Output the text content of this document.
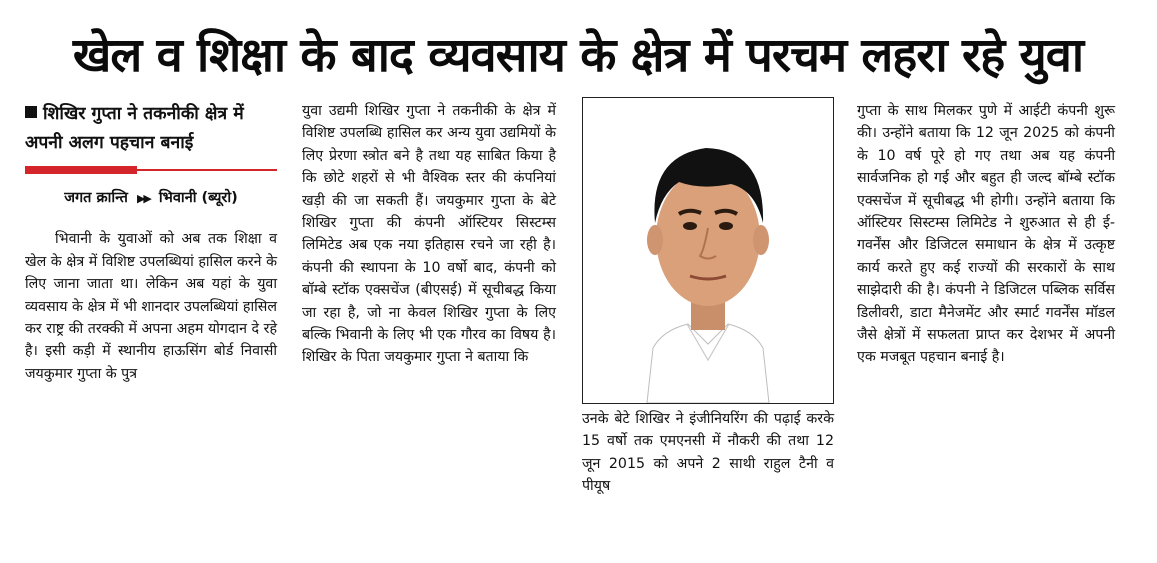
खेल व शिक्षा के बाद व्यवसाय के क्षेत्र में परचम लहरा रहे युवा

शिखिर गुप्ता ने तकनीकी क्षेत्र में अपनी अलग पहचान बनाई

जगत क्रान्ति ▶▶ भिवानी (ब्यूरो)

भिवानी के युवाओं को अब तक शिक्षा व खेल के क्षेत्र में विशिष्ट उपलब्धियां हासिल करने के लिए जाना जाता था। लेकिन अब यहां के युवा व्यवसाय के क्षेत्र में भी शानदार उपलब्धियां हासिल कर राष्ट्र की तरक्की में अपना अहम योगदान दे रहे है। इसी कड़ी में स्थानीय हाऊसिंग बोर्ड निवासी जयकुमार गुप्ता के पुत्र

युवा उद्यमी शिखिर गुप्ता ने तकनीकी के क्षेत्र में विशिष्ट उपलब्धि हासिल कर अन्य युवा उद्यमियों के लिए प्रेरणा स्त्रोत बने है तथा यह साबित किया है कि छोटे शहरों से भी वैश्विक स्तर की कंपनियां खड़ी की जा सकती हैं। जयकुमार गुप्ता के बेटे शिखिर गुप्ता की कंपनी ऑस्टियर सिस्टम्स लिमिटेड अब एक नया इतिहास रचने जा रही है। कंपनी की स्थापना के 10 वर्षो बाद, कंपनी को बॉम्बे स्टॉक एक्सचेंज (बीएसई) में सूचीबद्ध किया जा रहा है, जो ना केवल शिखिर गुप्ता के लिए बल्कि भिवानी के लिए भी एक गौरव का विषय है। शिखिर के पिता जयकुमार गुप्ता ने बताया कि

उनके बेटे शिखिर ने इंजीनियरिंग की पढ़ाई करके 15 वर्षो तक एमएनसी में नौकरी की तथा 12 जून 2015 को अपने 2 साथी राहुल टैनी व पीयूष

गुप्ता के साथ मिलकर पुणे में आईटी कंपनी शुरू की। उन्होंने बताया कि 12 जून 2025 को कंपनी के 10 वर्ष पूरे हो गए तथा अब यह कंपनी सार्वजनिक हो गई और बहुत ही जल्द बॉम्बे स्टॉक एक्सचेंज में सूचीबद्ध भी होगी। उन्होंने बताया कि ऑस्टियर सिस्टम्स लिमिटेड ने शुरुआत से ही ई-गवर्नेंस और डिजिटल समाधान के क्षेत्र में उत्कृष्ट कार्य करते हुए कई राज्यों की सरकारों के साथ साझेदारी की है। कंपनी ने डिजिटल पब्लिक सर्विस डिलीवरी, डाटा मैनेजमेंट और स्मार्ट गवर्नेंस मॉडल जैसे क्षेत्रों में सफलता प्राप्त कर देशभर में अपनी एक मजबूत पहचान बनाई है।
